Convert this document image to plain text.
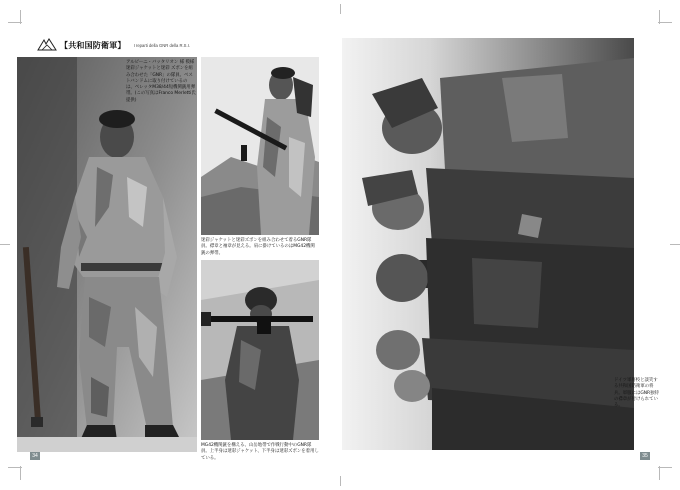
【共和国防衛軍】 I reparti della GNR della R.S.I.
アルピーニ・バッタリオン 様 模様迷彩ジャケットと迷彩 ズボンを組み合わせた「GNR」の隊員。ベストバンドムに取り付けているのは、ベレッタM38/44短機関銃用弾帯。(この写真はFranco Merletti氏提供)
迷彩ジャケットと迷彩ズボンを組み合わせて着るGNR隊員。襟章と袖章が見える。肩に掛けているのはMG42機関銃の弾帯。
MG42機関銃を構える、山岳地帯で作戦行動中のGNR隊員。上半身は迷彩ジャケット、下半身は迷彩ズボンを着用している。
34
ドイツ軍将校と談笑する共和国防衛軍の将兵。軍服にはGNR独特の襟章が付けられている。
35
